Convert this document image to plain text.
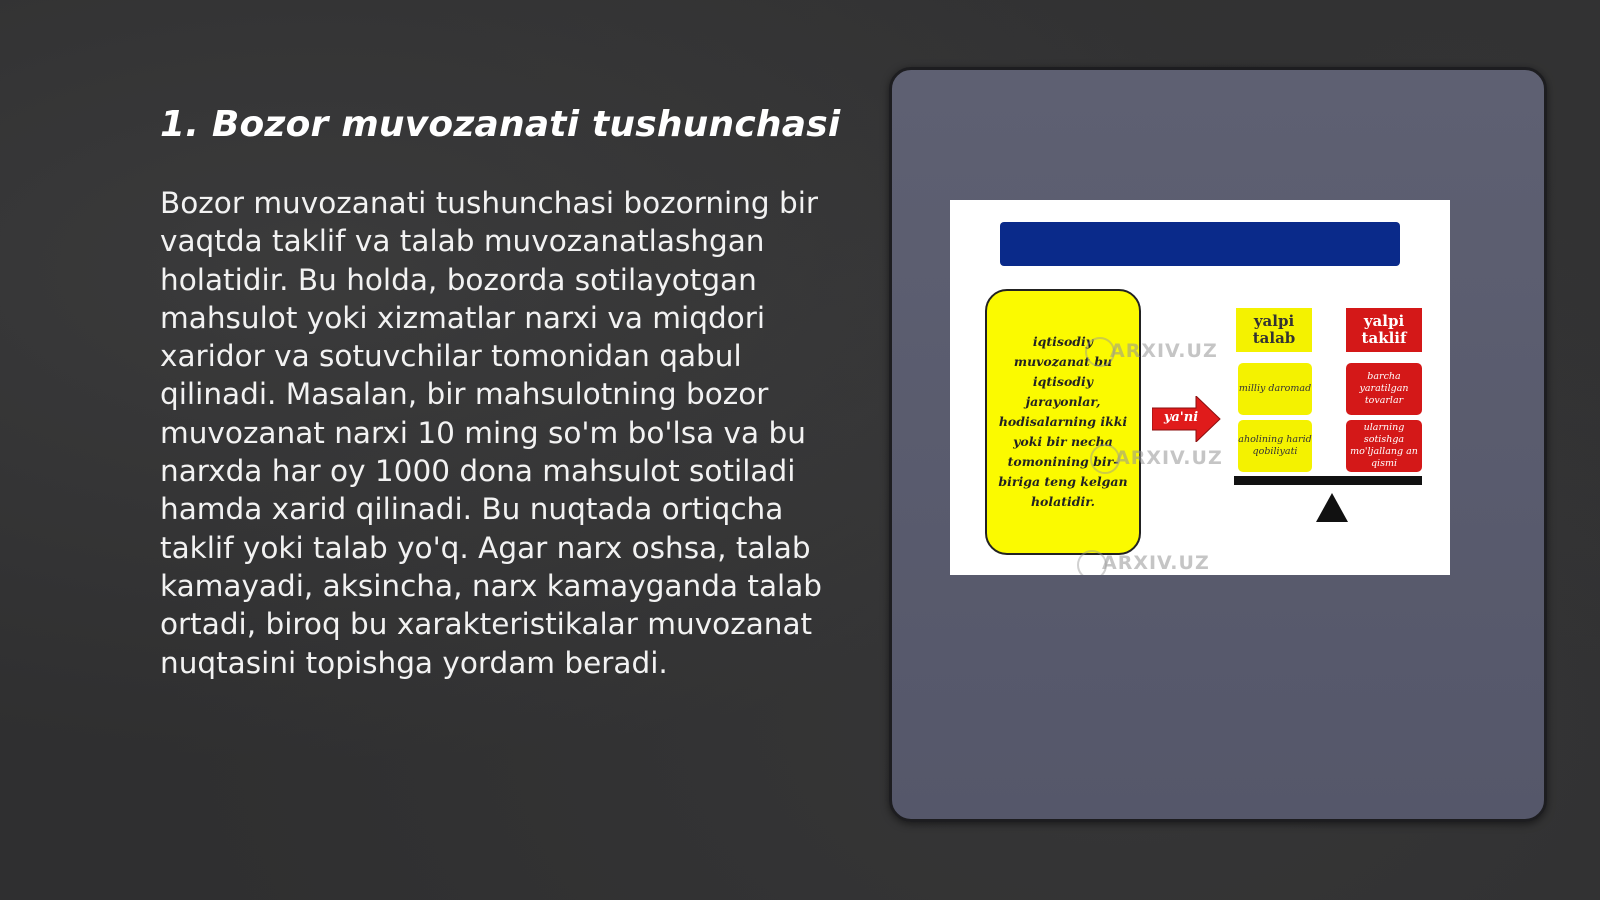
1. Bozor muvozanati tushunchasi

Bozor muvozanati tushunchasi bozorning bir vaqtda taklif va talab muvozanatlashgan holatidir. Bu holda, bozorda sotilayotgan mahsulot yoki xizmatlar narxi va miqdori xaridor va sotuvchilar tomonidan qabul qilinadi. Masalan, bir mahsulotning bozor muvozanat narxi 10 ming so'm bo'lsa va bu narxda har oy 1000 dona mahsulot sotiladi hamda xarid qilinadi. Bu nuqtada ortiqcha taklif yoki talab yo'q. Agar narx oshsa, talab kamayadi, aksincha, narx kamayganda talab ortadi, biroq bu xarakteristikalar muvozanat nuqtasini topishga yordam beradi.

iqtisodiy muvozanat bu iqtisodiy jarayonlar, hodisalarning ikki yoki bir necha tomonining bir-biriga teng kelgan holatidir.
ya'ni
yalpi talab
yalpi taklif
milliy daromad
aholining harid qobiliyati
barcha yaratilgan tovarlar
ularning sotishga mo'ljallang an qismi
ARXIV.UZ
ARXIV.UZ
ARXIV.UZ
